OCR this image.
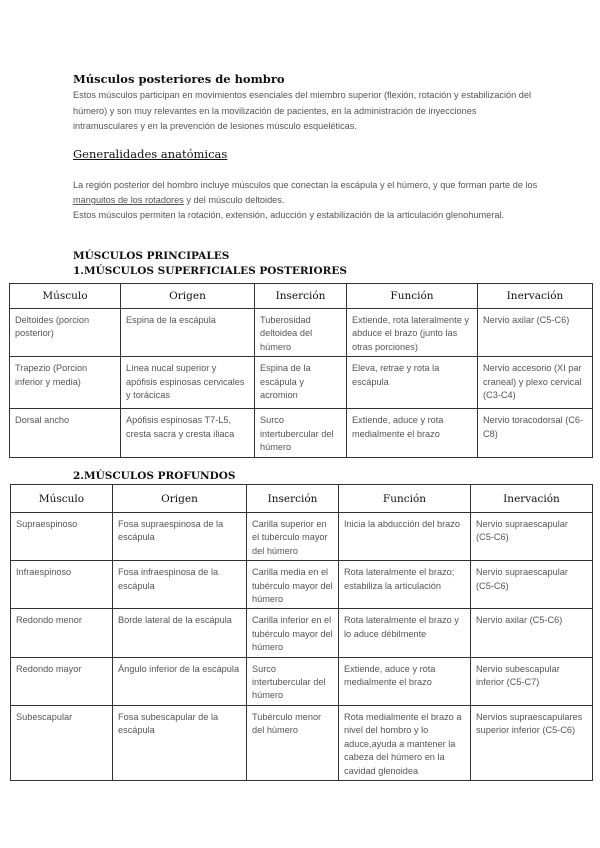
Músculos posteriores de hombro
Estos músculos participan en movimientos esenciales del miembro superior (flexión, rotación y estabilización del húmero) y son muy relevantes en la movilización de pacientes, en la administración de inyecciones intramusculares y en la prevención de lesiones músculo esqueléticas.
Generalidades anatómicas
La región posterior del hombro incluye músculos que conectan la escápula y el húmero, y que forman parte de los manguitos de los rotadores y del músculo deltoides.
Estos músculos permiten la rotación, extensión, aducción y estabilización de la articulación glenohumeral.
MÚSCULOS PRINCIPALES
1.MÚSCULOS SUPERFICIALES POSTERIORES
Músculo	Origen	Inserción	Función	Inervación
Deltoides (porcion posterior)	Espina de la escápula	Tuberosidad deltoidea del húmero	Extiende, rota lateralmente y abduce el brazo (junto las otras porciones)	Nervio axilar (C5-C6)
Trapezio (Porcion inferior y media)	Línea nucal superior y apófisis espinosas cervicales y torácicas	Espina de la escápula y acromion	Eleva, retrae y rota la escápula	Nervio accesorio (XI par craneal) y plexo cervical (C3-C4)
Dorsal ancho	Apófisis espinosas T7-L5, cresta sacra y cresta iliaca	Surco intertubercular del húmero	Extiende, aduce y rota medialmente el brazo	Nervio toracodorsal (C6-C8)
2.MÚSCULOS PROFUNDOS
Músculo	Origen	Inserción	Función	Inervación
Supraespinoso	Fosa supraespinosa de la escápula	Carilla superior en el tubérculo mayor del húmero	Inicia la abducción del brazo	Nervio supraescapular (C5-C6)
Infraespinoso	Fosa infraespinosa de la escápula	Carilla media en el tubérculo mayor del húmero	Rota lateralmente el brazo; estabiliza la articulación	Nervio supraescapular (C5-C6)
Redondo menor	Borde lateral de la escápula	Carilla inferior en el tubérculo mayor del húmero	Rota lateralmente el brazo y lo aduce débilmente	Nervio axilar (C5-C6)
Redondo mayor	Ángulo inferior de la escápula	Surco intertubercular del húmero	Extiende, aduce y rota medialmente el brazo	Nervio subescapular inferior (C5-C7)
Subescapular	Fosa subescapular de la escápula	Tubérculo menor del húmero	Rota medialmente el brazo a nivel del hombro y lo aduce,ayuda a mantener la cabeza del húmero en la cavidad glenoidea	Nervios supraescapulares superior inferior (C5-C6)
